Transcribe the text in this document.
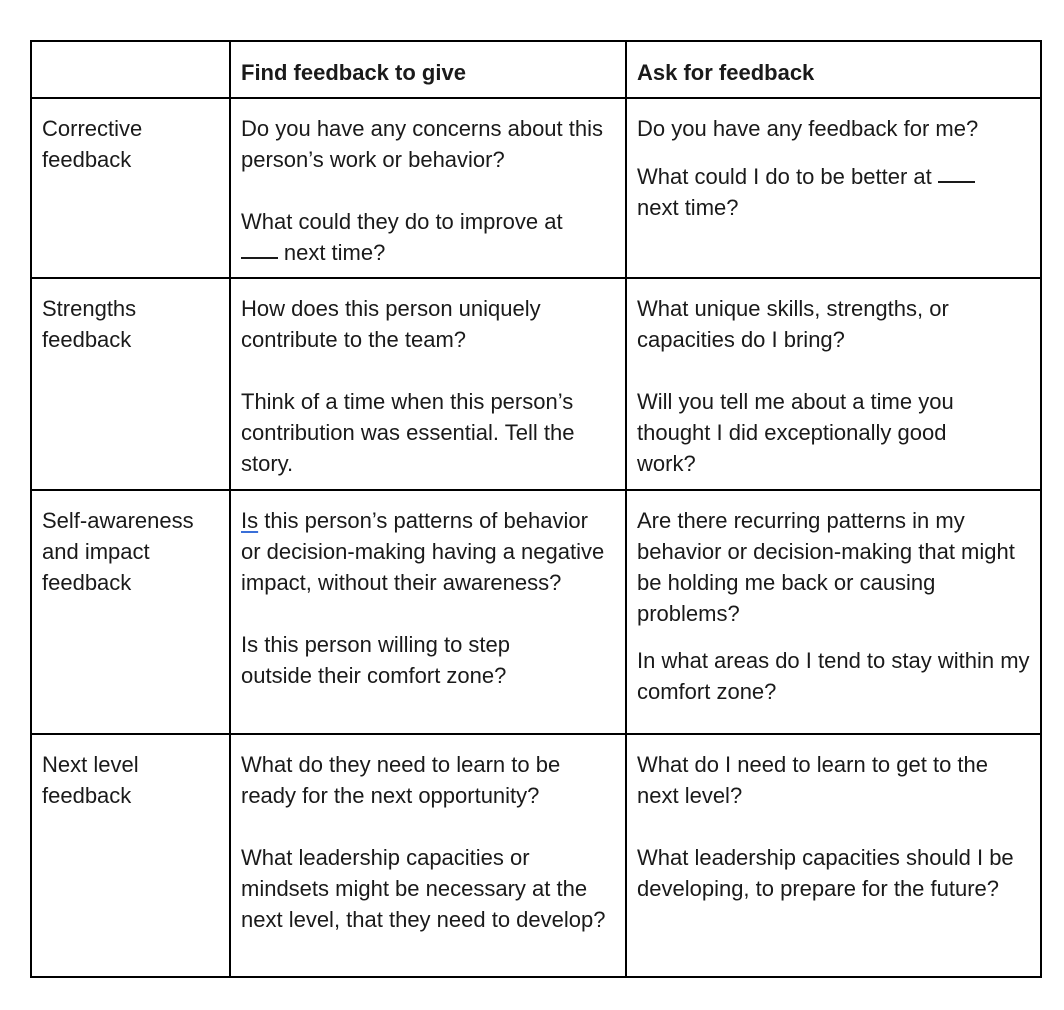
Find feedback to give	Ask for feedback

Corrective feedback

Do you have any concerns about this person’s work or behavior?

What could they do to improve at
next time?

Do you have any feedback for me?

What could I do to be better at
next time?

Strengths feedback

How does this person uniquely contribute to the team?

Think of a time when this person’s contribution was essential. Tell the story.

What unique skills, strengths, or capacities do I bring?

Will you tell me about a time you thought I did exceptionally good work?

Self-awareness and impact feedback

Is this person’s patterns of behavior or decision-making having a negative impact, without their awareness?

Is this person willing to step outside their comfort zone?

Are there recurring patterns in my behavior or decision-making that might be holding me back or causing problems?

In what areas do I tend to stay within my comfort zone?

Next level feedback

What do they need to learn to be ready for the next opportunity?

What leadership capacities or mindsets might be necessary at the next level, that they need to develop?

What do I need to learn to get to the next level?

What leadership capacities should I be developing, to prepare for the future?
